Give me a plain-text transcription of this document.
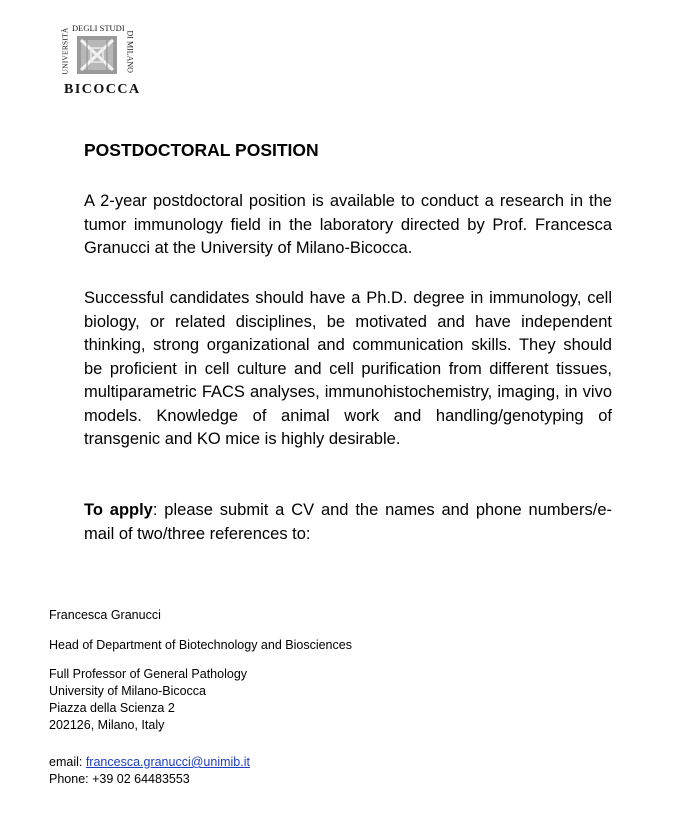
DEGLI STUDI
UNIVERSITÀ	DI MILANO
BICOCCA
POSTDOCTORAL POSITION

A 2-year postdoctoral position is available to conduct a research in the tumor immunology field in the laboratory directed by Prof. Francesca Granucci at the University of Milano-Bicocca.

Successful candidates should have a Ph.D. degree in immunology, cell biology, or related disciplines, be motivated and have independent thinking, strong organizational and communication skills. They should be proficient in cell culture and cell purification from different tissues, multiparametric FACS analyses, immunohistochemistry, imaging, in vivo models. Knowledge of animal work and handling/genotyping of transgenic and KO mice is highly desirable.

To apply: please submit a CV and the names and phone numbers/e-mail of two/three references to:

Francesca Granucci
Head of Department of Biotechnology and Biosciences
Full Professor of General Pathology
University of Milano-Bicocca
Piazza della Scienza 2
202126, Milano, Italy
email: francesca.granucci@unimib.it
Phone: +39 02 64483553
